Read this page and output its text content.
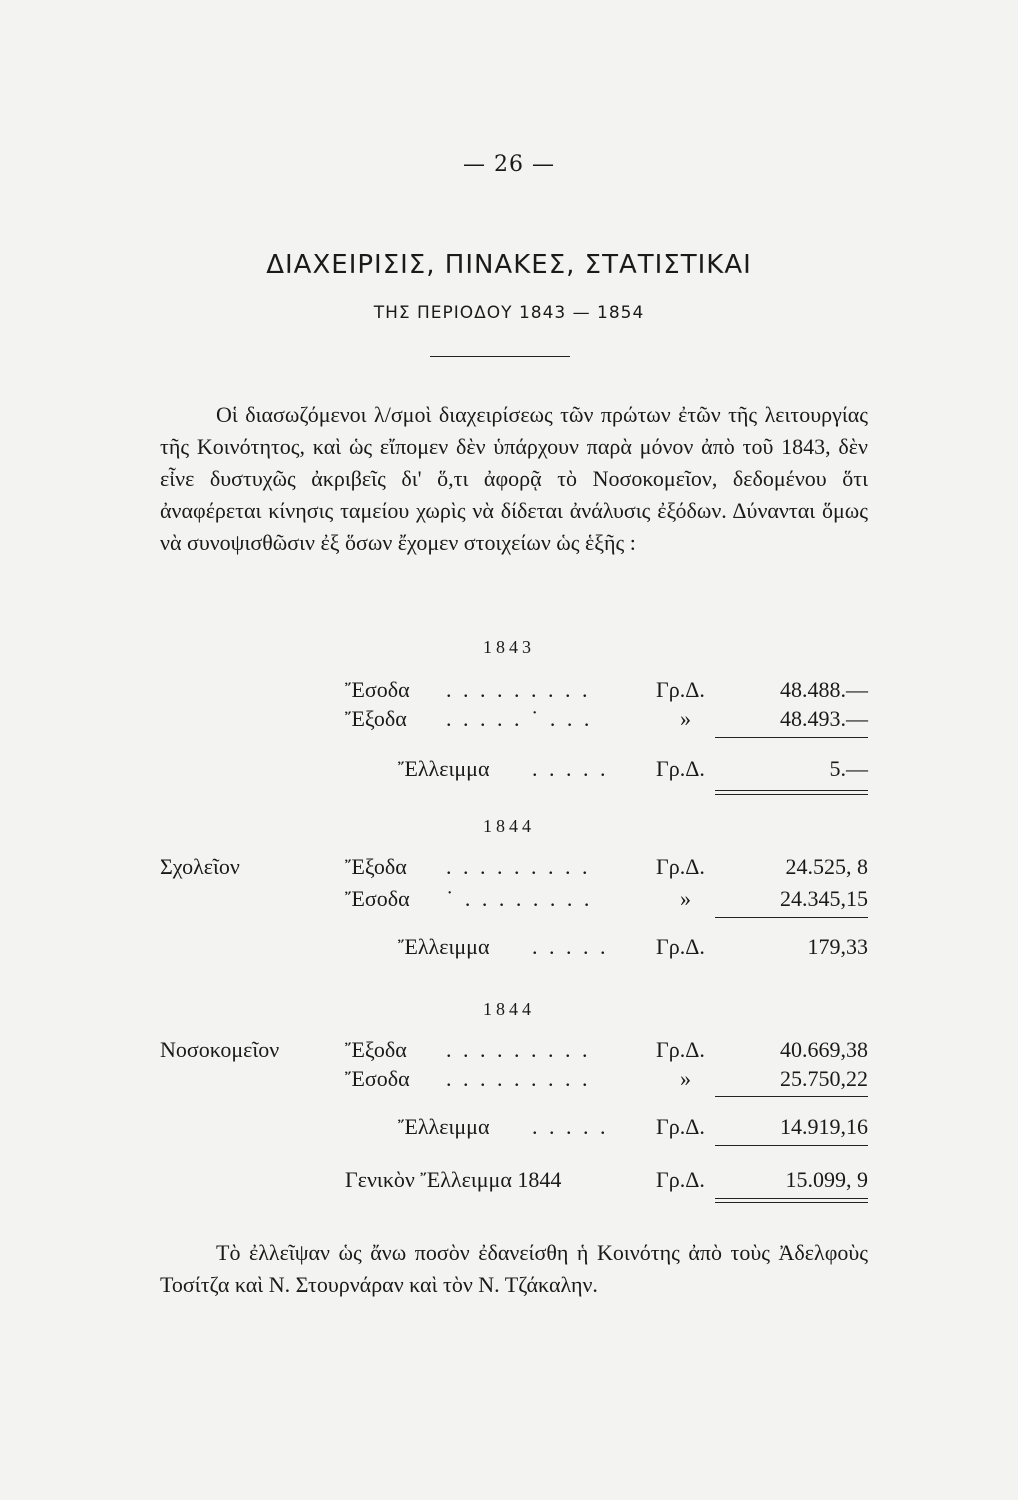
— 26 —
ΔΙΑΧΕΙΡΙΣΙΣ, ΠΙΝΑΚΕΣ, ΣΤΑΤΙΣΤΙΚΑΙ
ΤΗΣ ΠΕΡΙΟΔΟΥ 1843 — 1854

Οἱ διασωζόμενοι λ/σμοὶ διαχειρίσεως τῶν πρώτων ἐτῶν τῆς λειτουργίας τῆς Κοινότητος, καὶ ὡς εἴπομεν δὲν ὑπάρχουν παρὰ μόνον ἀπὸ τοῦ 1843, δὲν εἶνε δυστυχῶς ἀκριβεῖς δι' ὅ,τι ἀφορᾷ τὸ Νοσοκομεῖον, δεδομένου ὅτι ἀναφέρεται κίνησις ταμείου χωρὶς νὰ δίδεται ἀνάλυσις ἐξόδων. Δύνανται ὅμως νὰ συνοψισθῶσιν ἐξ ὅσων ἔχομεν στοιχείων ὡς ἑξῆς :

1843
Ἔσοδα . . . . . . . . .	Γρ.Δ.	48.488.—
Ἔξοδα . . . . . ˙ . . .	»	48.493.—
Ἔλλειμμα . . . . . Γρ.Δ.	5.—
1844
Σχολεῖον	Ἔξοδα . . . . . . . . .	Γρ.Δ.	24.525, 8
Ἔσοδα ˙ . . . . . . . .	»	24.345,15
Ἔλλειμμα . . . . . Γρ.Δ.	179,33
1844
Νοσοκομεῖον	Ἔξοδα . . . . . . . . .	Γρ.Δ.	40.669,38
Ἔσοδα . . . . . . . . .	»	25.750,22
Ἔλλειμμα . . . . . Γρ.Δ.	14.919,16
Γενικὸν Ἔλλειμμα 1844	Γρ.Δ.	15.099, 9

Τὸ ἐλλεῖψαν ὡς ἄνω ποσὸν ἐδανείσθη ἡ Κοινότης ἀπὸ τοὺς Ἀδελφοὺς Τοσίτζα καὶ Ν. Στουρνάραν καὶ τὸν Ν. Τζάκαλην.
